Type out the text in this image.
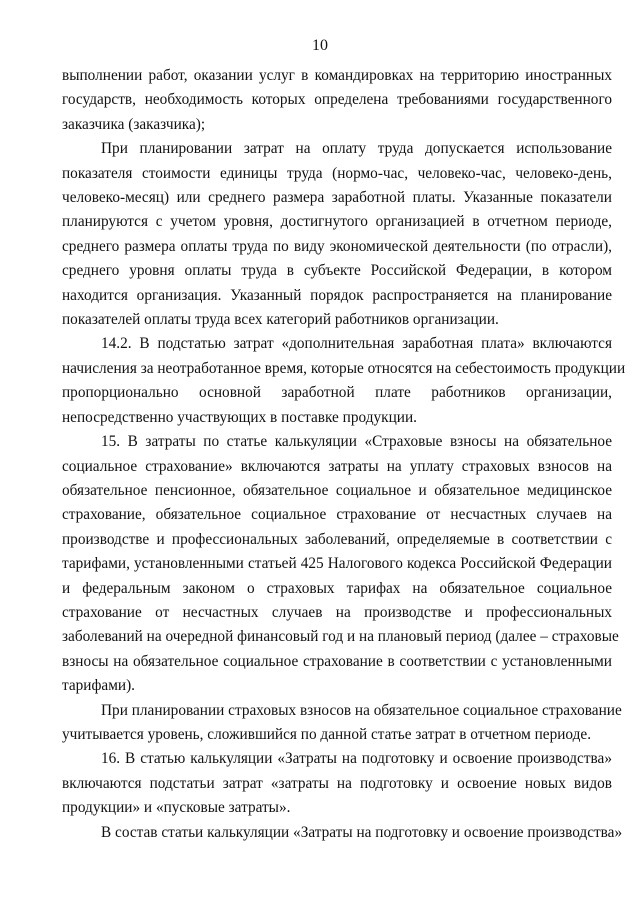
10
выполнении работ, оказании услуг в командировках на территорию иностранных
государств, необходимость которых определена требованиями государственного
заказчика (заказчика);
При планировании затрат на оплату труда допускается использование
показателя стоимости единицы труда (нормо-час, человеко-час, человеко-день,
человеко-месяц) или среднего размера заработной платы. Указанные показатели
планируются с учетом уровня, достигнутого организацией в отчетном периоде,
среднего размера оплаты труда по виду экономической деятельности (по отрасли),
среднего уровня оплаты труда в субъекте Российской Федерации, в котором
находится организация. Указанный порядок распространяется на планирование
показателей оплаты труда всех категорий работников организации.
14.2. В подстатью затрат «дополнительная заработная плата» включаются
начисления за неотработанное время, которые относятся на себестоимость продукции
пропорционально основной заработной плате работников организации,
непосредственно участвующих в поставке продукции.
15. В затраты по статье калькуляции «Страховые взносы на обязательное
социальное страхование» включаются затраты на уплату страховых взносов на
обязательное пенсионное, обязательное социальное и обязательное медицинское
страхование, обязательное социальное страхование от несчастных случаев на
производстве и профессиональных заболеваний, определяемые в соответствии с
тарифами, установленными статьей 425 Налогового кодекса Российской Федерации
и федеральным законом о страховых тарифах на обязательное социальное
страхование от несчастных случаев на производстве и профессиональных
заболеваний на очередной финансовый год и на плановый период (далее – страховые
взносы на обязательное социальное страхование в соответствии с установленными
тарифами).
При планировании страховых взносов на обязательное социальное страхование
учитывается уровень, сложившийся по данной статье затрат в отчетном периоде.
16. В статью калькуляции «Затраты на подготовку и освоение производства»
включаются подстатьи затрат «затраты на подготовку и освоение новых видов
продукции» и «пусковые затраты».
В состав статьи калькуляции «Затраты на подготовку и освоение производства»
